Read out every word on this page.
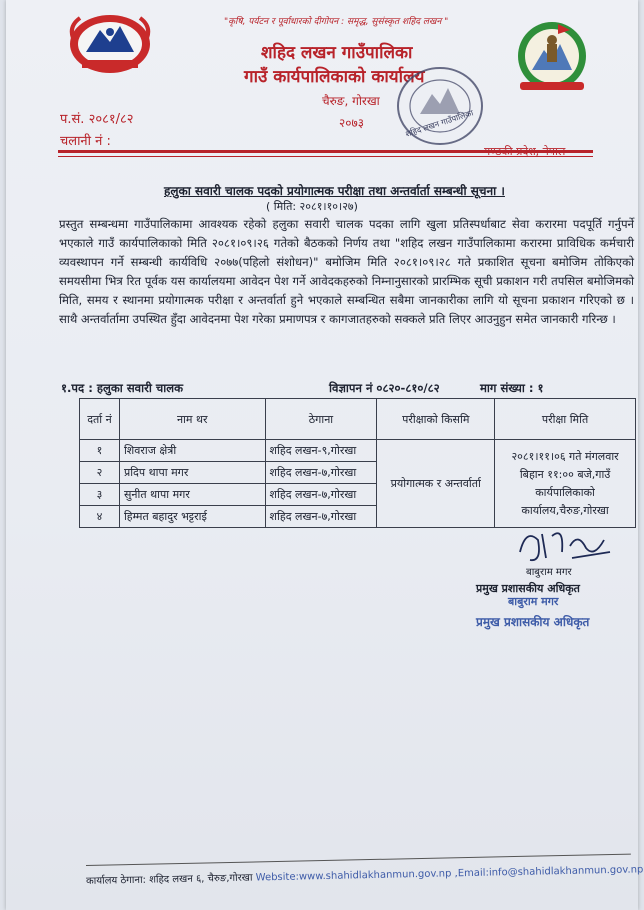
"कृषि, पर्यटन र पूर्वाधारको दीगोपन : समृद्ध, सुसंस्कृत शहिद लखन "
शहिद लखन गाउँपालिका
गाउँ कार्यपालिकाको कार्यालय
चैरुङ, गोरखा
२०७३	शहिद लखन गाउँपालिका
प.सं. २०८१/८२
चलानी नं :
हलुका सवारी चालक पदको प्रयोगात्मक परीक्षा तथा अन्तर्वार्ता सम्बन्धी सूचना ।
( मिति: २०८१।१०।२७)
प्रस्तुत सम्बन्धमा गाउँपालिकामा आवश्यक रहेको हलुका सवारी चालक पदका लागि खुला प्रतिस्पर्धाबाट सेवा करारमा पदपूर्ति गर्नुपर्ने भएकाले गाउँ कार्यपालिकाको मिति २०८१।०९।२६ गतेको बैठकको निर्णय तथा "शहिद लखन गाउँपालिकामा करारमा प्राविधिक कर्मचारी व्यवस्थापन गर्ने सम्बन्धी कार्यविधि २०७७(पहिलो संशोधन)" बमोजिम मिति २०८१।०९।२८ गते प्रकाशित सूचना बमोजिम तोकिएको समयसीमा भित्र रित पूर्वक यस कार्यालयमा आवेदन पेश गर्ने आवेदकहरुको निम्नानुसारको प्रारम्भिक सूची प्रकाशन गरी तपसिल बमोजिमको मिति, समय र स्थानमा प्रयोगात्मक परीक्षा र अन्तर्वार्ता हुने भएकाले सम्बन्धित सबैमा जानकारीका लागि यो सूचना प्रकाशन गरिएको छ । साथै अन्तर्वार्तामा उपस्थित हुँदा आवेदनमा पेश गरेका प्रमाणपत्र र कागजातहरुको सक्कले प्रति लिएर आउनुहुन समेत जानकारी गरिन्छ ।
१.पद : हलुका सवारी चालक	विज्ञापन नं ०८२०-८१०/८२	माग संख्या : १
दर्ता नं	नाम थर	ठेगाना	परीक्षाको किसमि	परीक्षा मिति
१	शिवराज क्षेत्री	शहिद लखन-९,गोरखा	प्रयोगात्मक र अन्तर्वार्ता	२०८१।११।०६ गते मंगलवार बिहान ११:०० बजे,गाउँ कार्यपालिकाको कार्यालय,चैरुङ,गोरखा
२	प्रदिप थापा मगर	शहिद लखन-७,गोरखा		
३	सुनीत थापा मगर	शहिद लखन-७,गोरखा		
४	हिम्मत बहादुर भट्टराई	शहिद लखन-७,गोरखा		
बाबुराम मगर
प्रमुख प्रशासकीय अधिकृत
बाबुराम मगर
प्रमुख प्रशासकीय अधिकृत
कार्यालय ठेगाना: शहिद लखन ६, चैरुङ,गोरखा Website:www.shahidlakhanmun.gov.np ,Email:info@shahidlakhanmun.gov.np
